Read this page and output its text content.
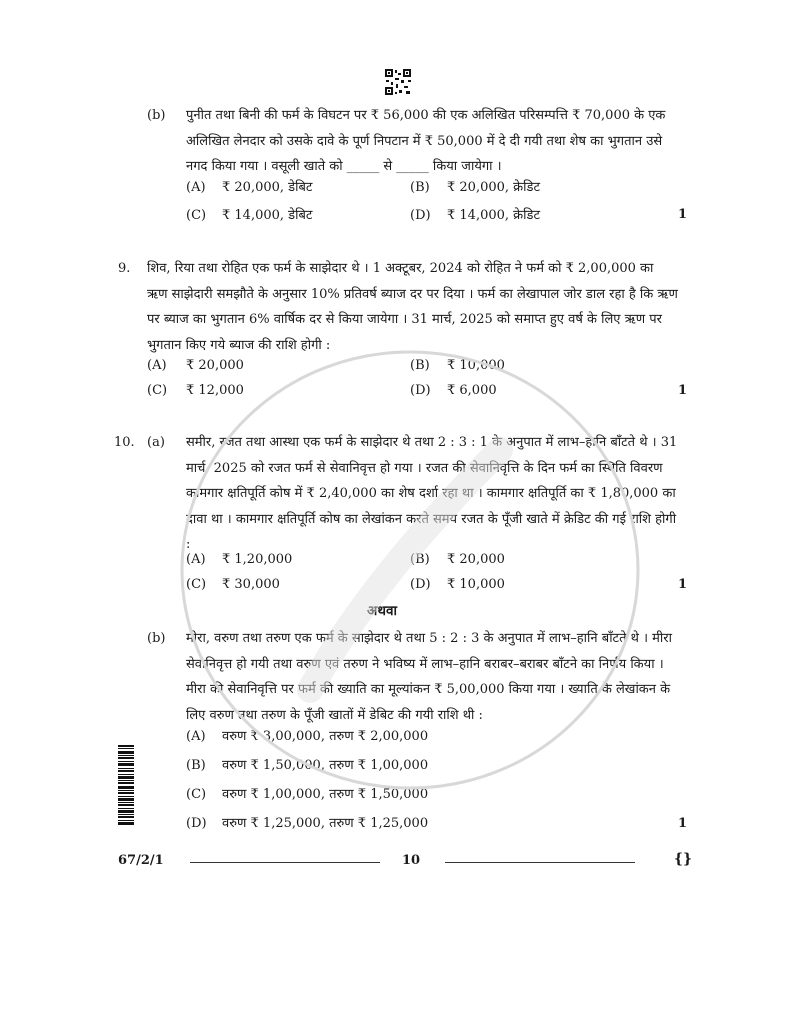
(b) पुनीत तथा बिनी की फर्म के विघटन पर ₹ 56,000 की एक अलिखित परिसम्पत्ति ₹ 70,000 के एक अलिखित लेनदार को उसके दावे के पूर्ण निपटान में ₹ 50,000 में दे दी गयी तथा शेष का भुगतान उसे नगद किया गया । वसूली खाते को _____ से _____ किया जायेगा ।
(A) ₹ 20,000, डेबिट	(B) ₹ 20,000, क्रेडिट
(C) ₹ 14,000, डेबिट	(D) ₹ 14,000, क्रेडिट	1
9. शिव, रिया तथा रोहित एक फर्म के साझेदार थे । 1 अक्टूबर, 2024 को रोहित ने फर्म को ₹ 2,00,000 का ऋण साझेदारी समझौते के अनुसार 10% प्रतिवर्ष ब्याज दर पर दिया । फर्म का लेखापाल जोर डाल रहा है कि ऋण पर ब्याज का भुगतान 6% वार्षिक दर से किया जायेगा । 31 मार्च, 2025 को समाप्त हुए वर्ष के लिए ऋण पर भुगतान किए गये ब्याज की राशि होगी :
(A) ₹ 20,000	(B) ₹ 10,000
(C) ₹ 12,000	(D) ₹ 6,000	1
10. (a) समीर, रजत तथा आस्था एक फर्म के साझेदार थे तथा 2 : 3 : 1 के अनुपात में लाभ–हानि बाँटते थे । 31 मार्च, 2025 को रजत फर्म से सेवानिवृत्त हो गया । रजत की सेवानिवृत्ति के दिन फर्म का स्थिति विवरण कामगार क्षतिपूर्ति कोष में ₹ 2,40,000 का शेष दर्शा रहा था । कामगार क्षतिपूर्ति का ₹ 1,80,000 का दावा था । कामगार क्षतिपूर्ति कोष का लेखांकन करते समय रजत के पूँजी खाते में क्रेडिट की गई राशि होगी :
(A) ₹ 1,20,000	(B) ₹ 20,000
(C) ₹ 30,000	(D) ₹ 10,000	1
अथवा
(b) मीरा, वरुण तथा तरुण एक फर्म के साझेदार थे तथा 5 : 2 : 3 के अनुपात में लाभ–हानि बाँटते थे । मीरा सेवानिवृत्त हो गयी तथा वरुण एवं तरुण ने भविष्य में लाभ–हानि बराबर–बराबर बाँटने का निर्णय किया । मीरा की सेवानिवृत्ति पर फर्म की ख्याति का मूल्यांकन ₹ 5,00,000 किया गया । ख्याति के लेखांकन के लिए वरुण तथा तरुण के पूँजी खातों में डेबिट की गयी राशि थी :
(A) वरुण ₹ 3,00,000, तरुण ₹ 2,00,000
(B) वरुण ₹ 1,50,000, तरुण ₹ 1,00,000
(C) वरुण ₹ 1,00,000, तरुण ₹ 1,50,000
(D) वरुण ₹ 1,25,000, तरुण ₹ 1,25,000	1
67/2/1	10	{}
